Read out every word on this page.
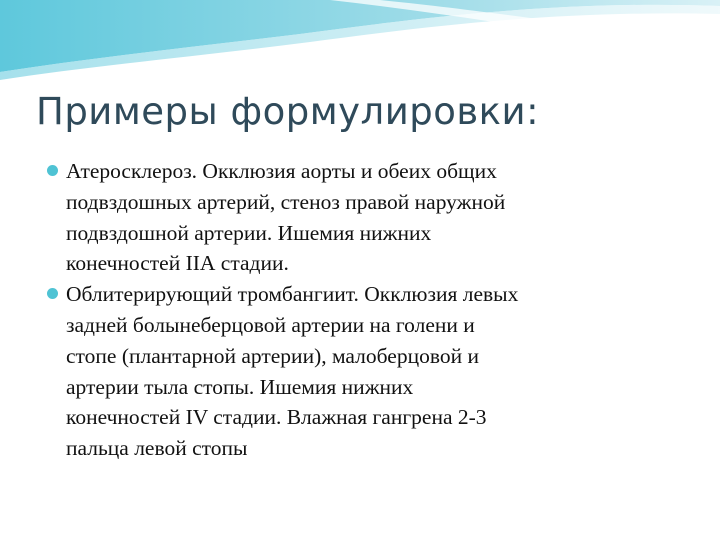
Примеры формулировки:
Атеросклероз. Окклюзия аорты и обеих общих
подвздошных артерий, стеноз правой наружной
подвздошной артерии. Ишемия нижних
конечностей IIА стадии.
Облитерирующий тромбангиит. Окклюзия левых
задней болынеберцовой артерии на голени и
стопе (плантарной артерии), малоберцовой и
артерии тыла стопы. Ишемия нижних
конечностей IV стадии. Влажная гангрена 2-3
пальца левой стопы
